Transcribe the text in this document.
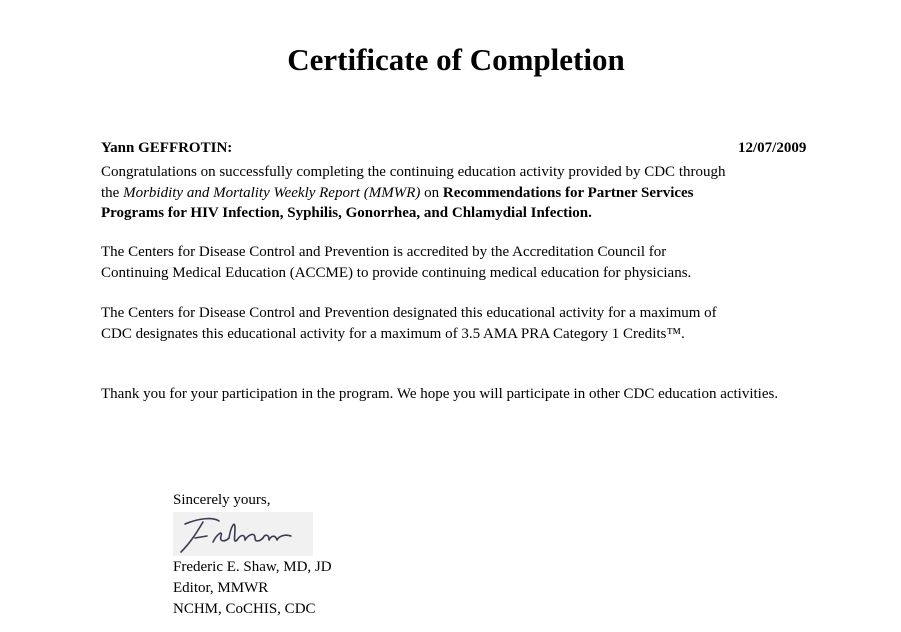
Certificate of Completion
Yann GEFFROTIN:	12/07/2009
Congratulations on successfully completing the continuing education activity provided by CDC through
the Morbidity and Mortality Weekly Report (MMWR) on Recommendations for Partner Services
Programs for HIV Infection, Syphilis, Gonorrhea, and Chlamydial Infection.
The Centers for Disease Control and Prevention is accredited by the Accreditation Council for
Continuing Medical Education (ACCME) to provide continuing medical education for physicians.
The Centers for Disease Control and Prevention designated this educational activity for a maximum of
CDC designates this educational activity for a maximum of 3.5 AMA PRA Category 1 Credits™.
Thank you for your participation in the program. We hope you will participate in other CDC education activities.
Sincerely yours,
Frederic E. Shaw, MD, JD
Editor, MMWR
NCHM, CoCHIS, CDC
